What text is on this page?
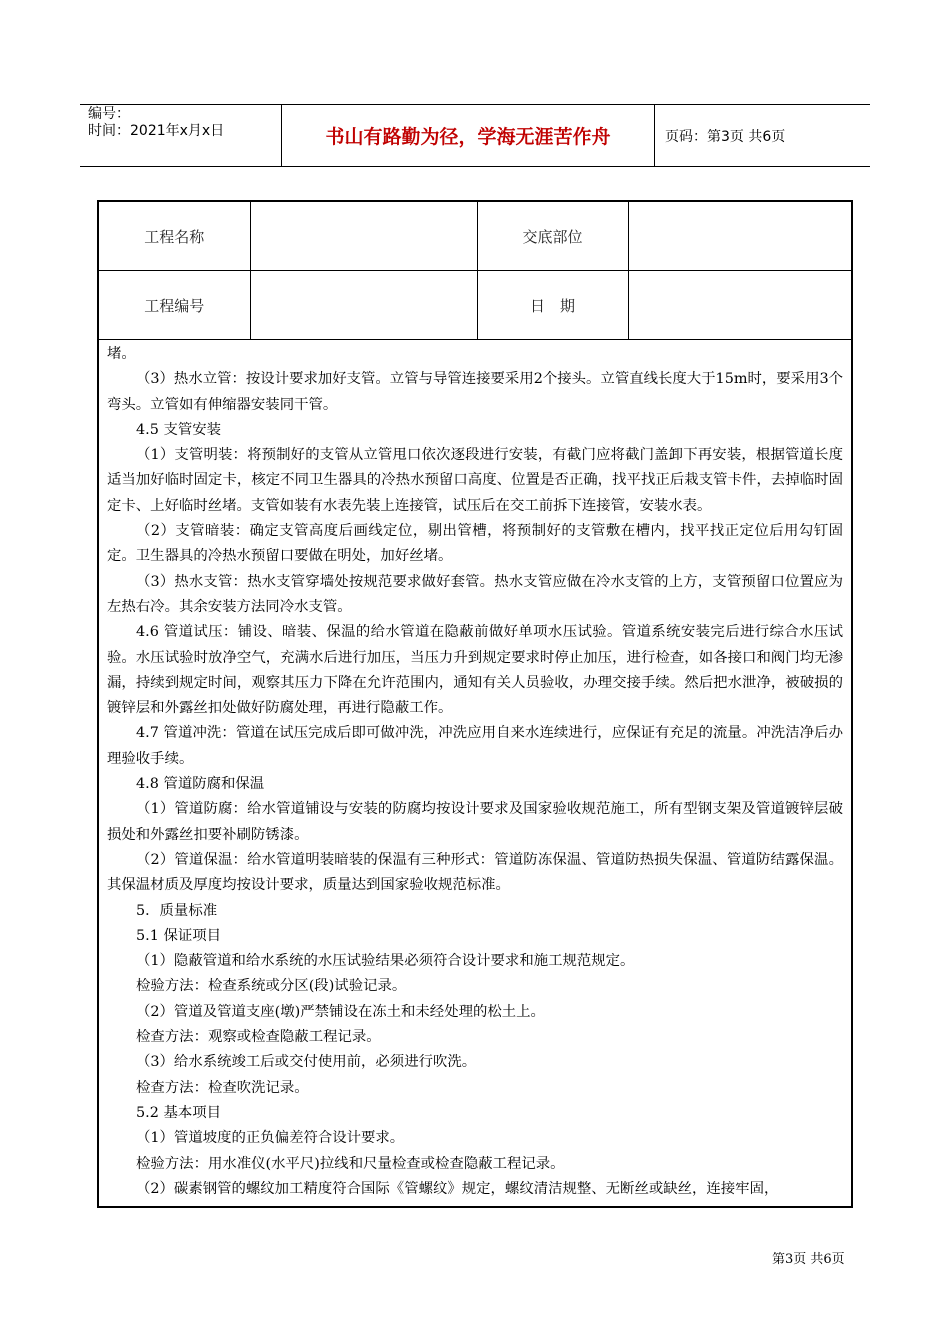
编号：
时间：2021年x月x日	书山有路勤为径，学海无涯苦作舟	页码：第3页 共6页
工程名称		交底部位	
工程编号		日　期	

堵。

（3）热水立管：按设计要求加好支管。立管与导管连接要采用2个接头。立管直线长度大于15m时，要采用3个弯头。立管如有伸缩器安装同干管。

4.5 支管安装

（1）支管明装：将预制好的支管从立管甩口依次逐段进行安装，有截门应将截门盖卸下再安装，根据管道长度适当加好临时固定卡，核定不同卫生器具的冷热水预留口高度、位置是否正确，找平找正后栽支管卡件，去掉临时固定卡、上好临时丝堵。支管如装有水表先装上连接管，试压后在交工前拆下连接管，安装水表。

（2）支管暗装：确定支管高度后画线定位，剔出管槽，将预制好的支管敷在槽内，找平找正定位后用勾钉固定。卫生器具的冷热水预留口要做在明处，加好丝堵。

（3）热水支管：热水支管穿墙处按规范要求做好套管。热水支管应做在冷水支管的上方，支管预留口位置应为左热右冷。其余安装方法同冷水支管。

4.6 管道试压：铺设、暗装、保温的给水管道在隐蔽前做好单项水压试验。管道系统安装完后进行综合水压试验。水压试验时放净空气，充满水后进行加压，当压力升到规定要求时停止加压，进行检查，如各接口和阀门均无渗漏，持续到规定时间，观察其压力下降在允许范围内，通知有关人员验收，办理交接手续。然后把水泄净，被破损的镀锌层和外露丝扣处做好防腐处理，再进行隐蔽工作。

4.7 管道冲洗：管道在试压完成后即可做冲洗，冲洗应用自来水连续进行，应保证有充足的流量。冲洗洁净后办理验收手续。

4.8 管道防腐和保温

（1）管道防腐：给水管道铺设与安装的防腐均按设计要求及国家验收规范施工，所有型钢支架及管道镀锌层破损处和外露丝扣要补刷防锈漆。

（2）管道保温：给水管道明装暗装的保温有三种形式：管道防冻保温、管道防热损失保温、管道防结露保温。其保温材质及厚度均按设计要求，质量达到国家验收规范标准。

5．质量标准

5.1 保证项目

（1）隐蔽管道和给水系统的水压试验结果必须符合设计要求和施工规范规定。

检验方法：检查系统或分区(段)试验记录。

（2）管道及管道支座(墩)严禁铺设在冻土和未经处理的松土上。

检查方法：观察或检查隐蔽工程记录。

（3）给水系统竣工后或交付使用前，必须进行吹洗。

检查方法：检查吹洗记录。

5.2 基本项目

（1）管道坡度的正负偏差符合设计要求。

检验方法：用水准仪(水平尺)拉线和尺量检查或检查隐蔽工程记录。

（2）碳素钢管的螺纹加工精度符合国际《管螺纹》规定，螺纹清洁规整、无断丝或缺丝，连接牢固，

第3页 共6页
